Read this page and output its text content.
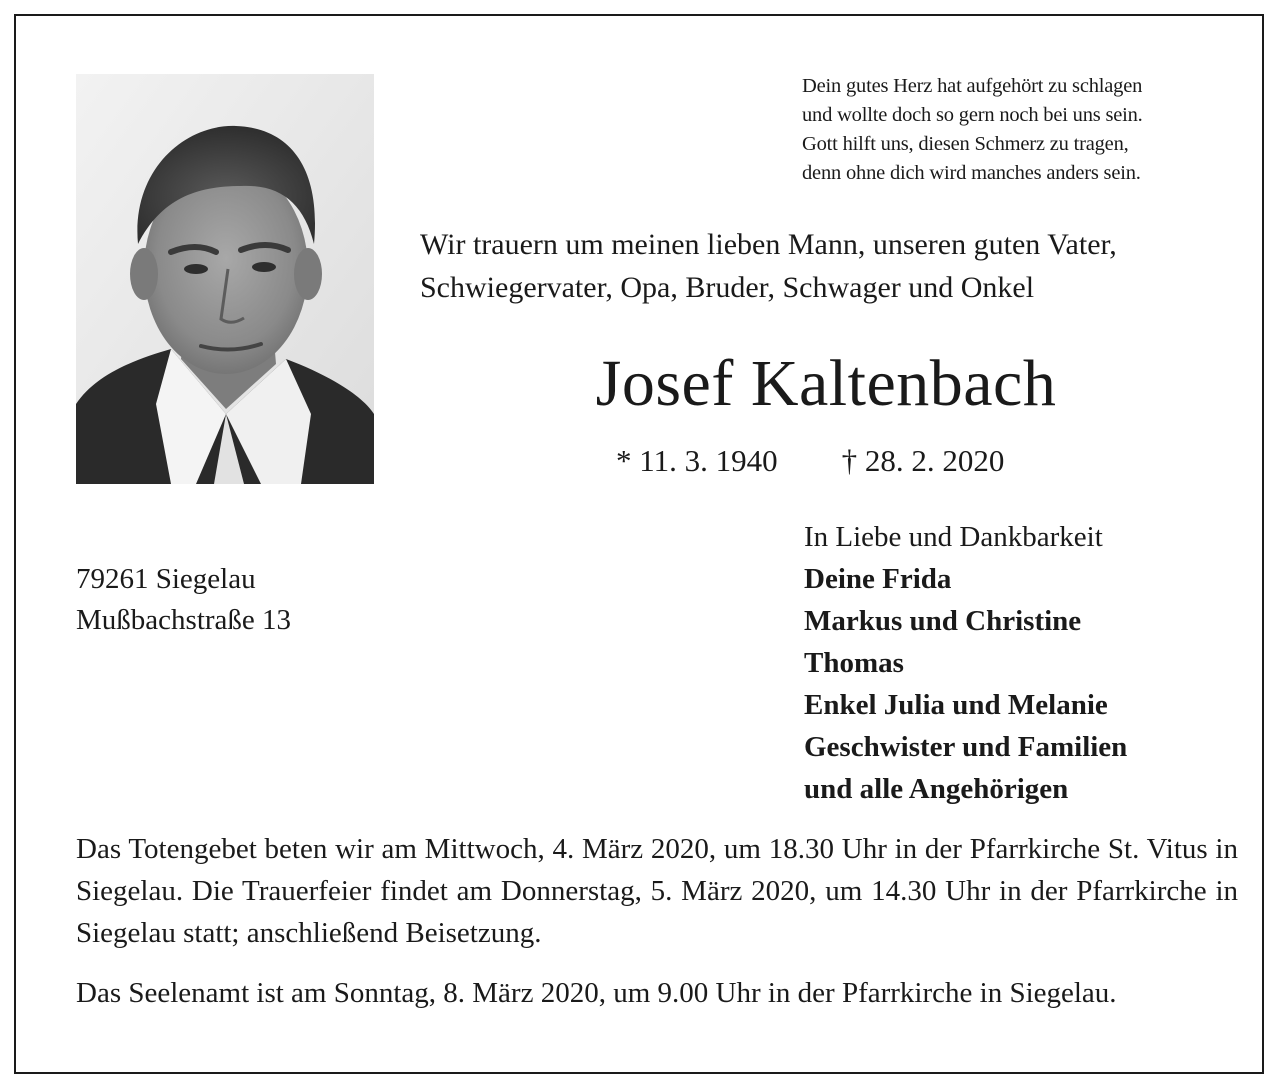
Dein gutes Herz hat aufgehört zu schlagen
und wollte doch so gern noch bei uns sein.
Gott hilft uns, diesen Schmerz zu tragen,
denn ohne dich wird manches anders sein.
Wir trauern um meinen lieben Mann, unseren guten Vater,
Schwiegervater, Opa, Bruder, Schwager und Onkel
Josef Kaltenbach
* 11. 3. 1940 † 28. 2. 2020
79261 Siegelau
Mußbachstraße 13
In Liebe und Dankbarkeit
Deine Frida
Markus und Christine
Thomas
Enkel Julia und Melanie
Geschwister und Familien
und alle Angehörigen

Das Totengebet beten wir am Mittwoch, 4. März 2020, um 18.30 Uhr in der Pfarrkirche St. Vitus in Siegelau. Die Trauerfeier findet am Donnerstag, 5. März 2020, um 14.30 Uhr in der Pfarrkirche in Siegelau statt; anschließend Beisetzung.

Das Seelenamt ist am Sonntag, 8. März 2020, um 9.00 Uhr in der Pfarrkirche in Siegelau.
